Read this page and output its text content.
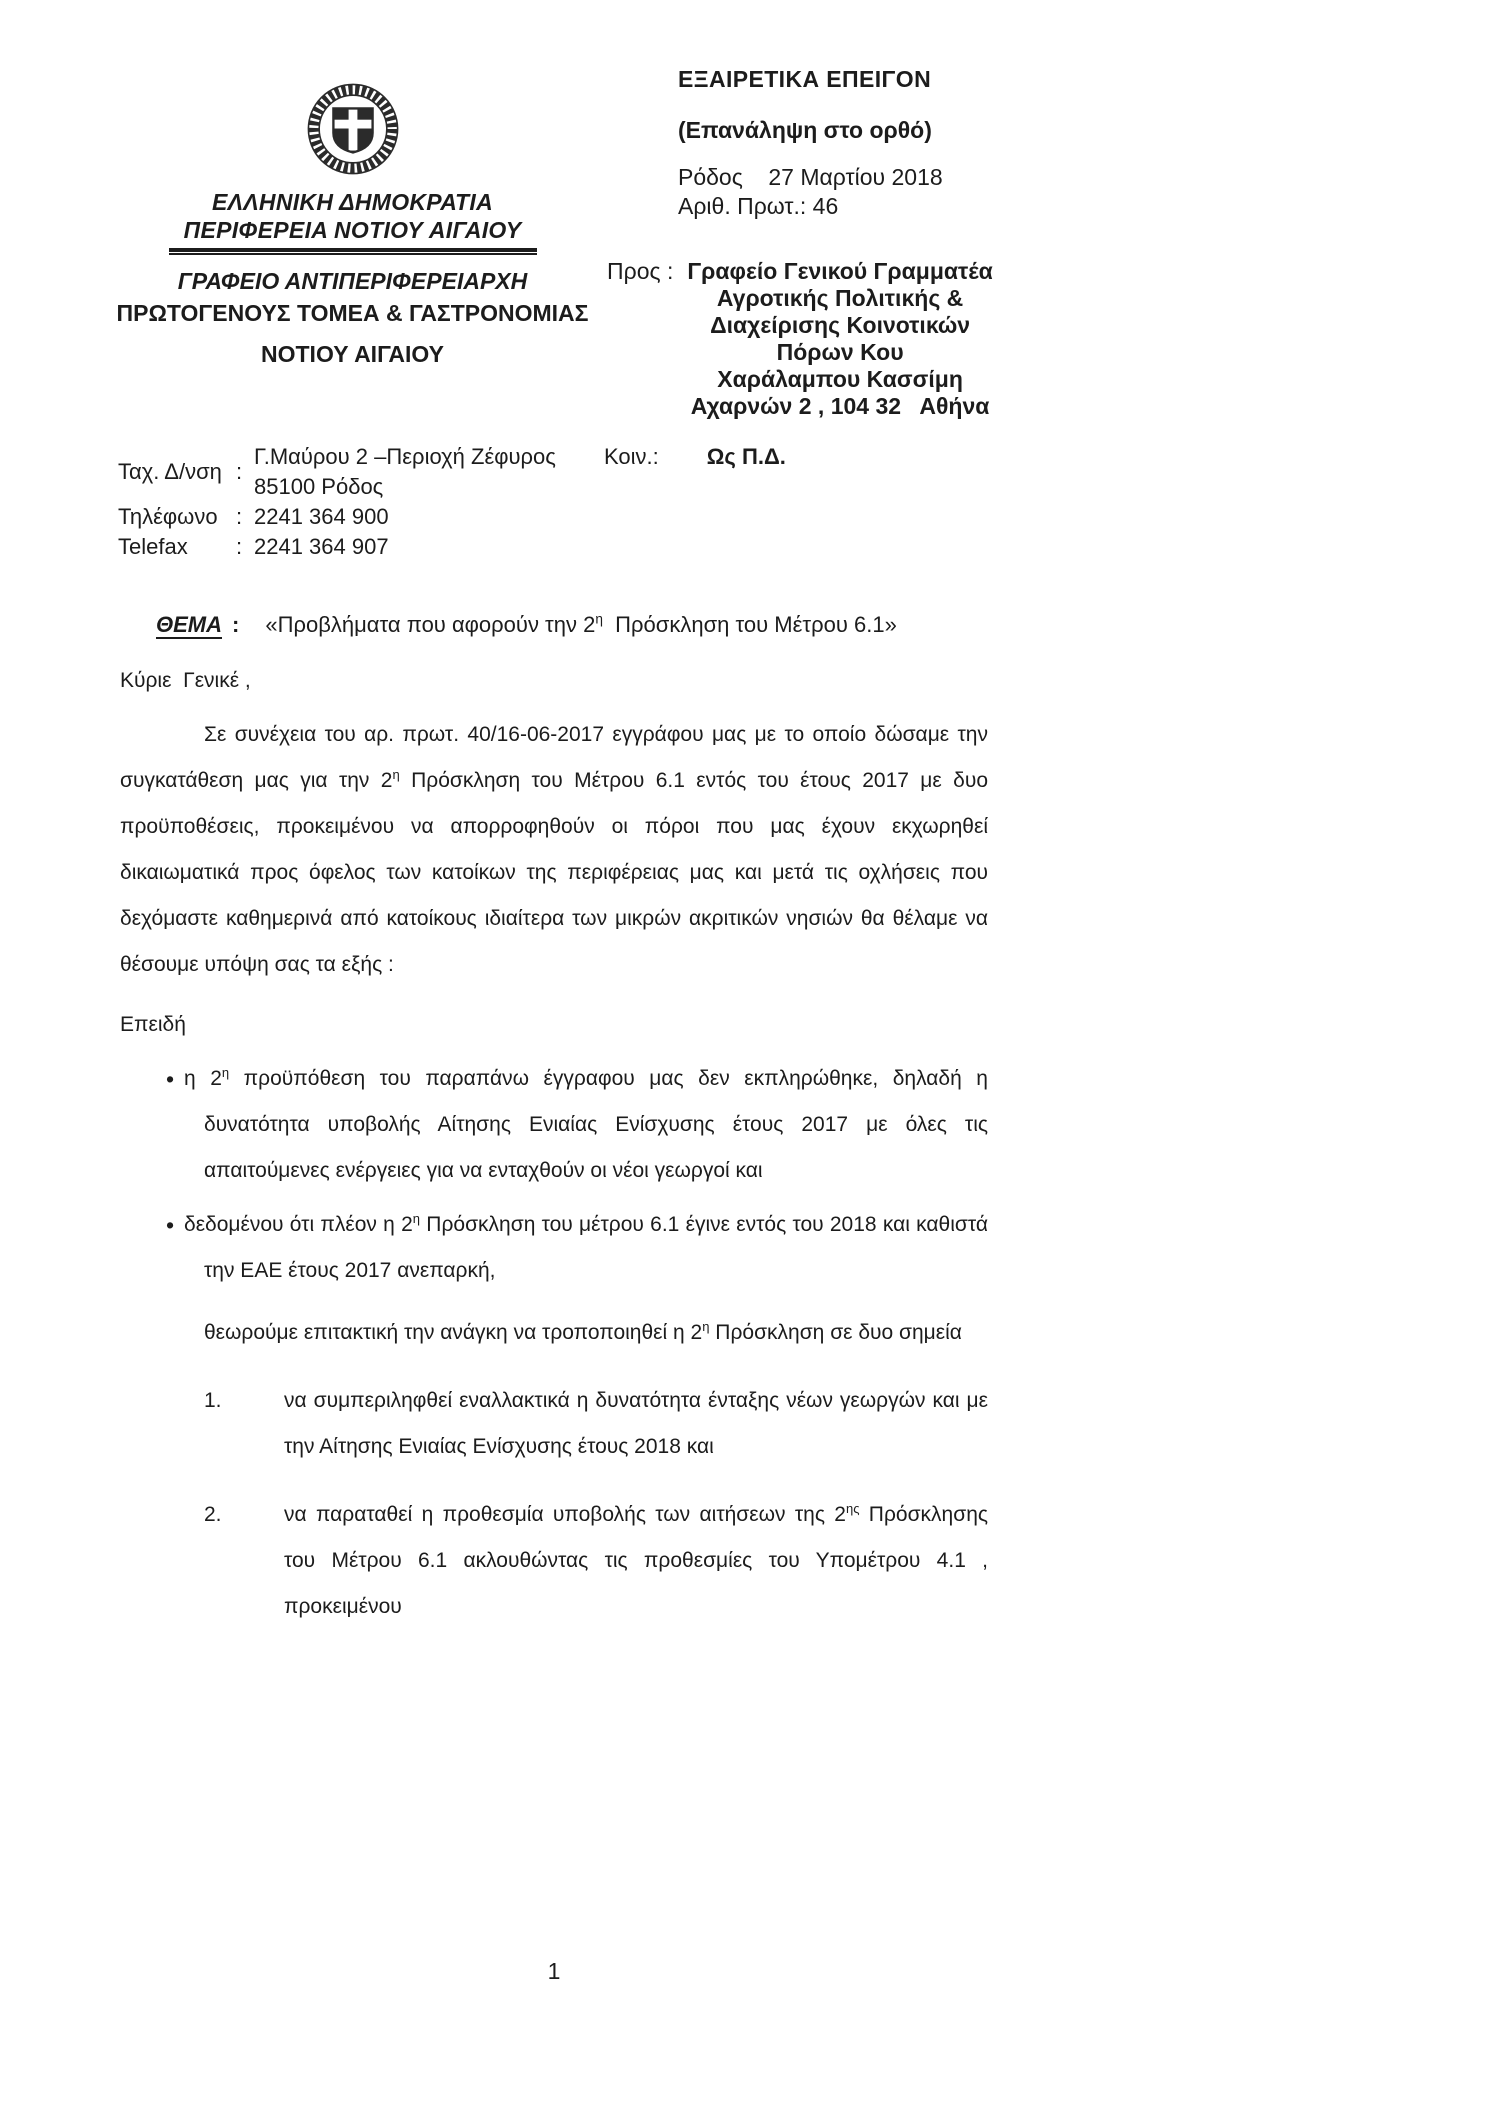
ΕΛΛΗΝΙΚΗ ΔΗΜΟΚΡΑΤΙΑ
ΠΕΡΙΦΕΡΕΙΑ ΝΟΤΙΟΥ ΑΙΓΑΙΟΥ
ΓΡΑΦΕΙΟ ΑΝΤΙΠΕΡΙΦΕΡΕΙΑΡΧΗ
ΠΡΩΤΟΓΕΝΟΥΣ ΤΟΜΕΑ & ΓΑΣΤΡΟΝΟΜΙΑΣ
ΝΟΤΙΟΥ ΑΙΓΑΙΟΥ
ΕΞΑΙΡΕΤΙΚΑ ΕΠΕΙΓΟΝ
(Επανάληψη στο ορθό)
Ρόδος    27 Μαρτίου 2018
Αριθ. Πρωτ.: 46
Προς : Γραφείο Γενικού Γραμματέα
Αγροτικής Πολιτικής &
Διαχείρισης Κοινοτικών
Πόρων Κου
Χαράλαμπου Κασσίμη
Αχαρνών 2 , 104 32   Αθήνα
Ταχ. Δ/νση :
Γ.Μαύρου 2 –Περιοχή Ζέφυρος
85100 Ρόδος
Τηλέφωνο : 2241 364 900
Telefax	: 2241 364 907
Κοιν.: Ως Π.Δ.
ΘΕΜΑ : «Προβλήματα που αφορούν την $2^\eta$  Πρόσκληση του Μέτρου 6.1»

Κύριε  Γενικέ ,

Σε συνέχεια του αρ. πρωτ. 40/16-06-2017 εγγράφου μας με το οποίο δώσαμε την συγκατάθεση μας για την $2^\eta$ Πρόσκληση του Μέτρου 6.1 εντός του έτους 2017 με δυο προϋποθέσεις, προκειμένου να απορροφηθούν οι πόροι που μας έχουν εκχωρηθεί δικαιωματικά προς όφελος των κατοίκων της περιφέρειας μας και μετά τις οχλήσεις που δεχόμαστε καθημερινά από κατοίκους ιδιαίτερα των μικρών ακριτικών νησιών θα θέλαμε να θέσουμε υπόψη σας τα εξής :

Επειδή

• η $2^\eta$ προϋπόθεση του παραπάνω έγγραφου μας δεν εκπληρώθηκε, δηλαδή η δυνατότητα υποβολής Αίτησης Ενιαίας Ενίσχυσης έτους 2017 με όλες τις απαιτούμενες ενέργειες για να ενταχθούν οι νέοι γεωργοί και

• δεδομένου ότι πλέον η $2^\eta$ Πρόσκληση του μέτρου 6.1 έγινε εντός του 2018 και καθιστά την ΕΑΕ έτους 2017 ανεπαρκή,

θεωρούμε επιτακτική την ανάγκη να τροποποιηθεί η $2^\eta$ Πρόσκληση σε δυο σημεία

1.	να συμπεριληφθεί εναλλακτικά η δυνατότητα ένταξης νέων γεωργών και με την Αίτησης Ενιαίας Ενίσχυσης έτους 2018 και
2.	να παραταθεί η προθεσμία υποβολής των αιτήσεων της $2^{\eta\varsigma}$ Πρόσκλησης του Μέτρου 6.1 ακλουθώντας τις προθεσμίες του Υπομέτρου 4.1 , προκειμένου
1
